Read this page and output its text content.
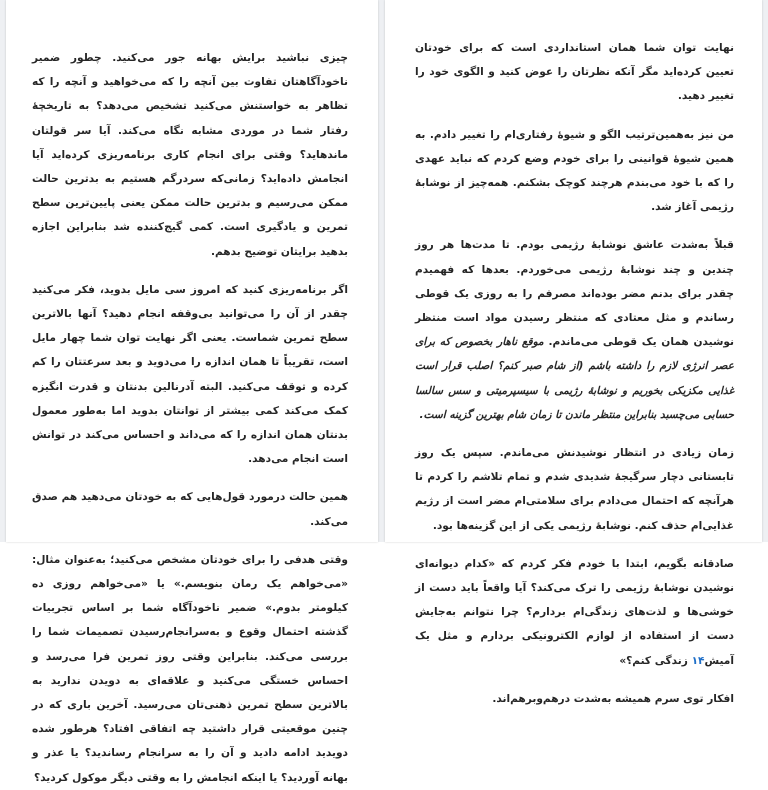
چیزی نباشید برایش بهانه جور می‌کنید. چطور ضمیر ناخودآگاهتان تفاوت بین آنچه را که می‌خواهید و آنچه را که تظاهر به خواستنش می‌کنید تشخیص می‌دهد؟ به تاریخچهٔ رفتار شما در موردی مشابه نگاه می‌کند. آیا سر قولتان ماندهاید؟ وقتی برای انجام کاری برنامه‌ریزی کرده‌اید آیا انجامش داده‌اید؟ زمانی‌که سردرگم هستیم به بدترین حالت ممکن می‌رسیم و بدترین حالت ممکن یعنی پایین‌ترین سطح تمرین و یادگیری است. کمی گیج‌کننده شد بنابراین اجازه بدهید برایتان توضیح بدهم.

اگر برنامه‌ریزی کنید که امروز سی مایل بدوید، فکر می‌کنید چقدر از آن را می‌توانید بی‌وقفه انجام دهید؟ آنها بالاترین سطح تمرین شماست. یعنی اگر نهایت توان شما چهار مایل است، تقریباً تا همان اندازه را می‌دوید و بعد سرعتتان را کم کرده و توقف می‌کنید. البته آدرنالین بدنتان و قدرت انگیزه کمک می‌کند کمی بیشتر از توانتان بدوید اما به‌طور معمول بدنتان همان اندازه را که می‌داند و احساس می‌کند در توانش است انجام می‌دهد.

همین حالت درمورد قول‌هایی که به خودتان می‌دهید هم صدق می‌کند.

وقتی هدفی را برای خودتان مشخص می‌کنید؛ به‌عنوان مثال: «می‌خواهم یک رمان بنویسم.» یا «می‌خواهم روزی ده کیلومتر بدوم.» ضمیر ناخودآگاه شما بر اساس تجربیات گذشته احتمال وقوع و به‌سرانجام‌رسیدن تصمیمات شما را بررسی می‌کند. بنابراین وقتی روز تمرین فرا می‌رسد و احساس خستگی می‌کنید و علاقه‌ای به دویدن ندارید به بالاترین سطح تمرین ذهنی‌تان می‌رسید. آخرین باری که در چنین موقعیتی قرار داشتید چه اتفاقی افتاد؟ هرطور شده دویدید ادامه دادید و آن را به سرانجام رساندید؟ یا عذر و بهانه آوردید؟ یا اینکه انجامش را به وقتی دیگر موکول کردید؟

نهایت توان شما همان استانداردی است که برای خودتان تعیین کرده‌اید مگر آنکه نظرتان را عوض کنید و الگوی خود را تغییر دهید.

من نیز به‌همین‌ترتیب الگو و شیوهٔ رفتاری‌ام را تغییر دادم. به همین شیوهٔ قوانینی را برای خودم وضع کردم که نباید عهدی را که با خود می‌بندم هرچند کوچک بشکنم. همه‌چیز از نوشابهٔ رژیمی آغاز شد.

قبلاً به‌شدت عاشق نوشابهٔ رژیمی بودم. تا مدت‌ها هر روز چندین و چند نوشابهٔ رژیمی می‌خوردم. بعدها که فهمیدم چقدر برای بدنم مضر بوده‌اند مصرفم را به روزی یک قوطی رساندم و مثل معتادی که منتظر رسیدن مواد است منتظر نوشیدن همان یک قوطی می‌ماندم. موقع ناهار بخصوص که برای عصر انرژی لازم را داشته باشم (از شام صبر کنم؟ اصلب قرار است غذایی مکزیکی بخوریم و نوشابهٔ رژیمی با سیسپرمیتی و سس سالسا حسابی می‌چسبد بنابراین منتظر ماندن تا زمان شام بهترین گزینه است.

زمان زیادی در انتظار نوشیدنش می‌ماندم. سپس یک روز تابستانی دچار سرگیجهٔ شدیدی شدم و تمام تلاشم را کردم تا هرآنچه که احتمال می‌دادم برای سلامتی‌ام مضر است از رژیم غذایی‌ام حذف کنم. نوشابهٔ رژیمی یکی از این گزینه‌ها بود.

صادقانه بگویم، ابتدا با خودم فکر کردم که «کدام دیوانه‌ای نوشیدن نوشابهٔ رژیمی را ترک می‌کند؟ آیا واقعاً باید دست از خوشی‌ها و لذت‌های زندگی‌ام بردارم؟ چرا نتوانم به‌جایش دست از استفاده از لوازم الکترونیکی بردارم و مثل یک آمیش۱۴ زندگی کنم؟»

افکار توی سرم همیشه به‌شدت درهم‌وبرهم‌اند.
